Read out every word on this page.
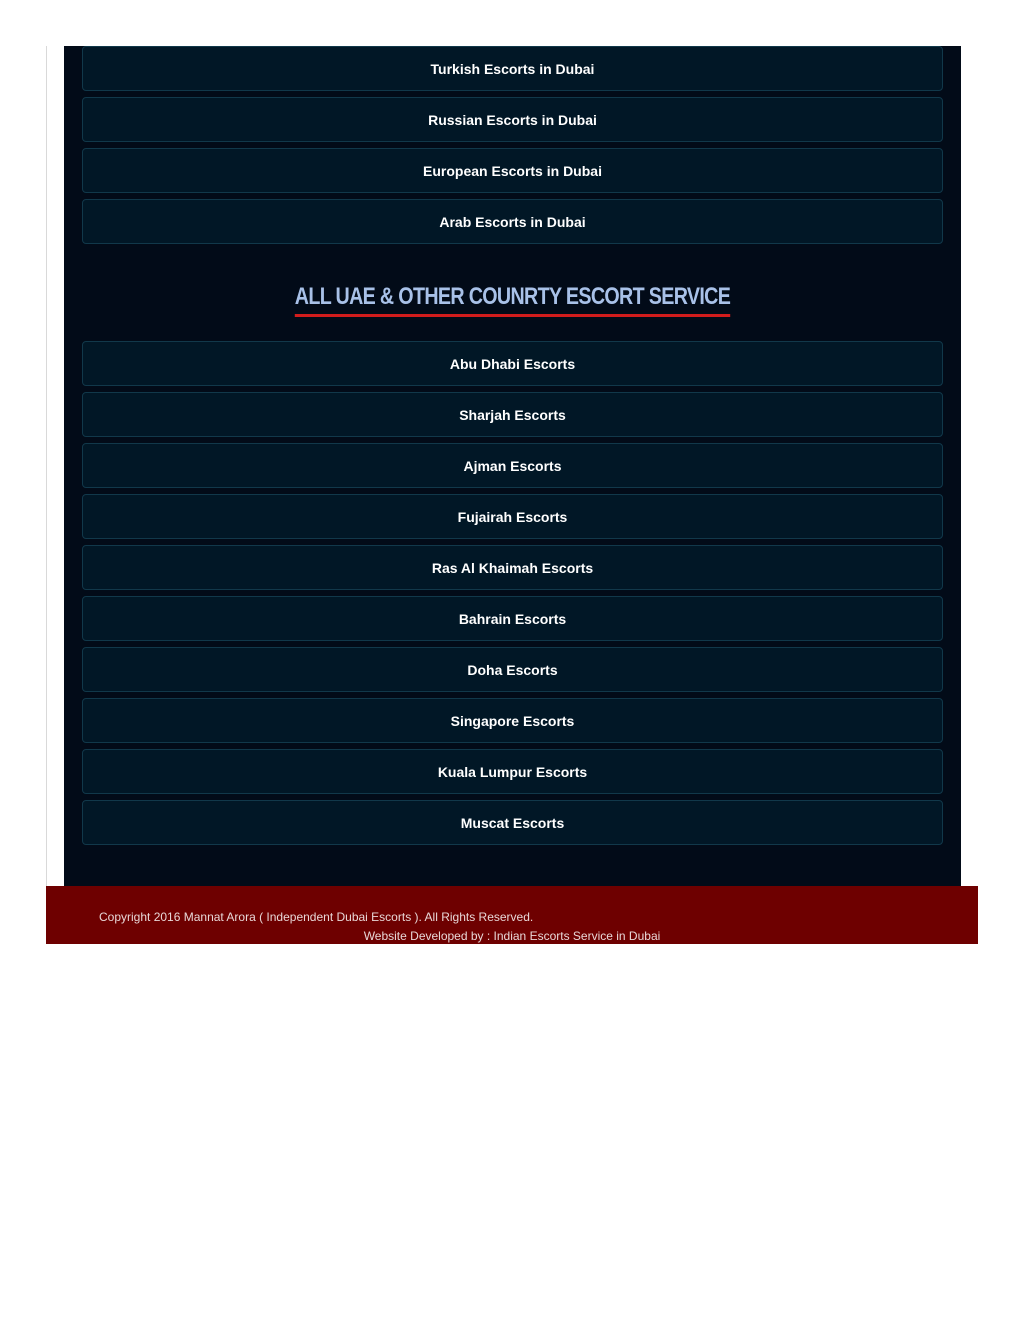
Turkish Escorts in Dubai
Russian Escorts in Dubai
European Escorts in Dubai
Arab Escorts in Dubai
ALL UAE & OTHER COUNRTY ESCORT SERVICE
Abu Dhabi Escorts
Sharjah Escorts
Ajman Escorts
Fujairah Escorts
Ras Al Khaimah Escorts
Bahrain Escorts
Doha Escorts
Singapore Escorts
Kuala Lumpur Escorts
Muscat Escorts
Copyright 2016 Mannat Arora ( Independent Dubai Escorts ). All Rights Reserved.
Website Developed by : Indian Escorts Service in Dubai
